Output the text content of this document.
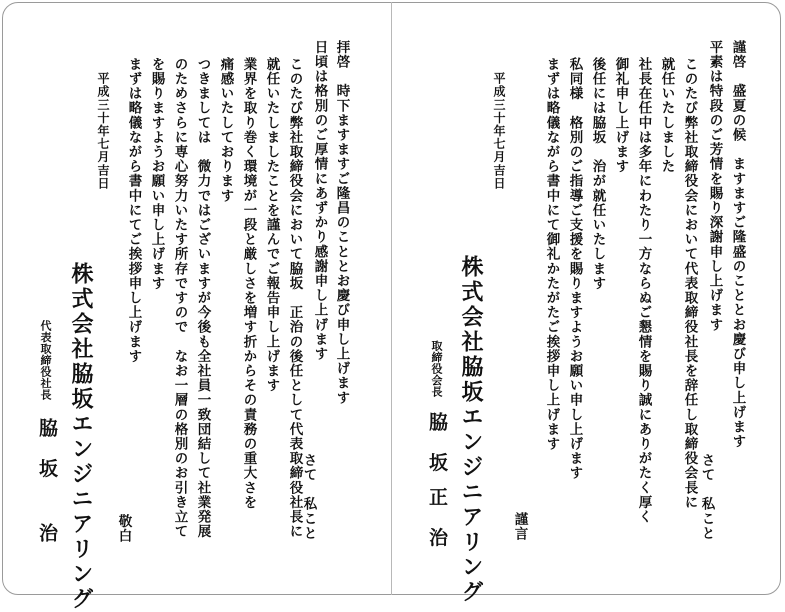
拝啓　時下ますますご隆昌のこととお慶び申し上げます
日頃は格別のご厚情にあずかり感謝申し上げます
このたび弊社取締役会において脇坂　正治の後任として代表取締役社長に
就任いたしましたことを謹んでご報告申し上げます
業界を取り巻く環境が一段と厳しさを増す折からその責務の重大さを
痛感いたしております
つきましては　微力ではございますが今後も全社員一致団結して社業発展
のためさらに専心努力いたす所存ですので　なお一層の格別のお引き立て
を賜りますようお願い申し上げます
まずは略儀ながら書中にてご挨拶申し上げます
さて　私こと
平成三十年七月吉日
敬白
株式会社脇坂エンジニアリング
代表取締役社長
脇　坂
治
謹啓　盛夏の候　ますますご隆盛のこととお慶び申し上げます
平素は特段のご芳情を賜り深謝申し上げます
このたび弊社取締役会において代表取締役社長を辞任し取締役会長に
就任いたしました
社長在任中は多年にわたり一方ならぬご懇情を賜り誠にありがたく厚く
御礼申し上げます
後任には脇坂　治が就任いたします
私同様　格別のご指導ご支援を賜りますようお願い申し上げます
まずは略儀ながら書中にて御礼かたがたご挨拶申し上げます
さて　私こと
平成三十年七月吉日
謹言
株式会社脇坂エンジニアリング
取締役会長
脇　坂
正　治
